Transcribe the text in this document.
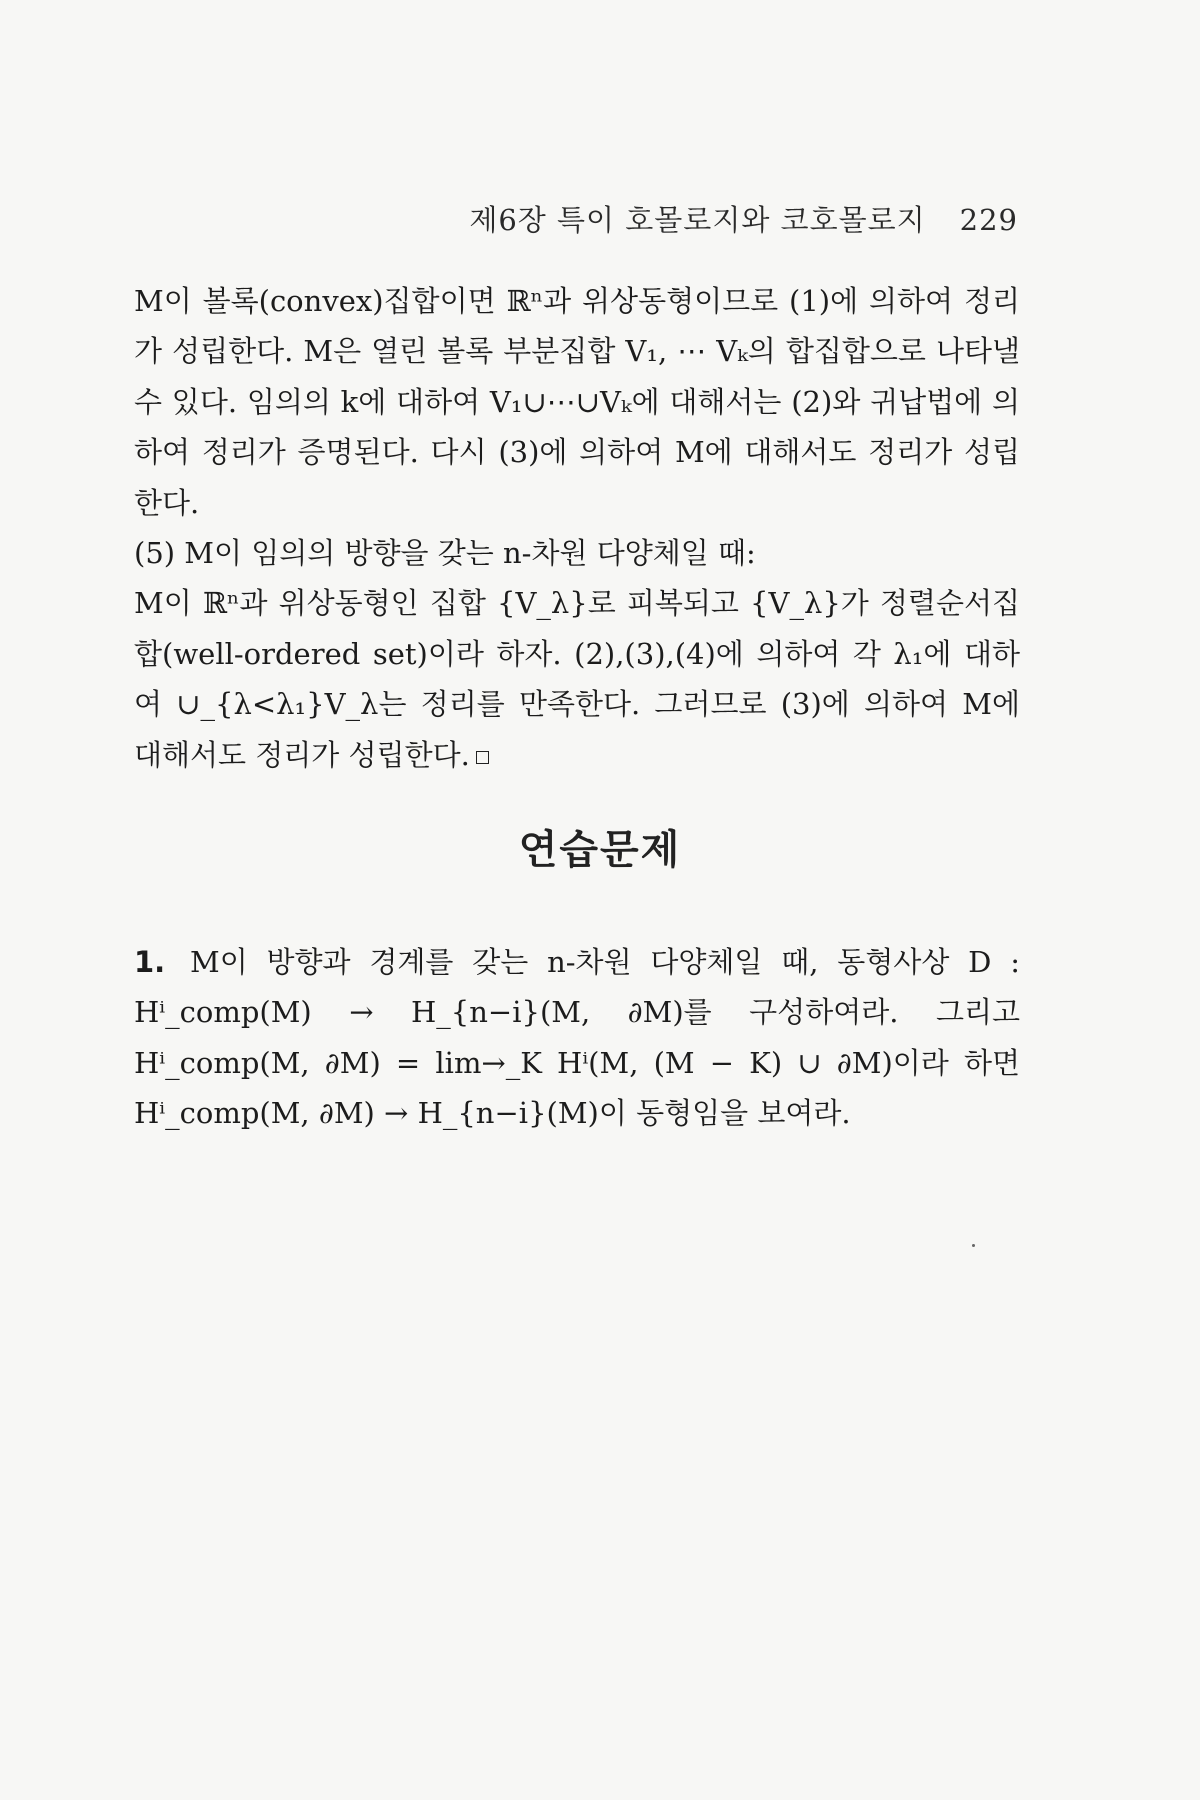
제6장 특이 호몰로지와 코호몰로지 229

M이 볼록(convex)집합이면 ℝⁿ과 위상동형이므로 (1)에 의하여 정리가 성립한다. M은 열린 볼록 부분집합 V₁, ⋯ Vₖ의 합집합으로 나타낼 수 있다. 임의의 k에 대하여 V₁∪⋯∪Vₖ에 대해서는 (2)와 귀납법에 의하여 정리가 증명된다. 다시 (3)에 의하여 M에 대해서도 정리가 성립한다.

(5) M이 임의의 방향을 갖는 n-차원 다양체일 때:

M이 ℝⁿ과 위상동형인 집합 {V_λ}로 피복되고 {V_λ}가 정렬순서집합(well-ordered set)이라 하자. (2),(3),(4)에 의하여 각 λ₁에 대하여 ∪_{λ<λ₁}V_λ는 정리를 만족한다. 그러므로 (3)에 의하여 M에 대해서도 정리가 성립한다.

연습문제
1. M이 방향과 경계를 갖는 n-차원 다양체일 때, 동형사상 D : Hⁱ_comp(M) → H_{n−i}(M, ∂M)를 구성하여라. 그리고 Hⁱ_comp(M, ∂M) = lim→_K Hⁱ(M, (M − K) ∪ ∂M)이라 하면 Hⁱ_comp(M, ∂M) → H_{n−i}(M)이 동형임을 보여라.
